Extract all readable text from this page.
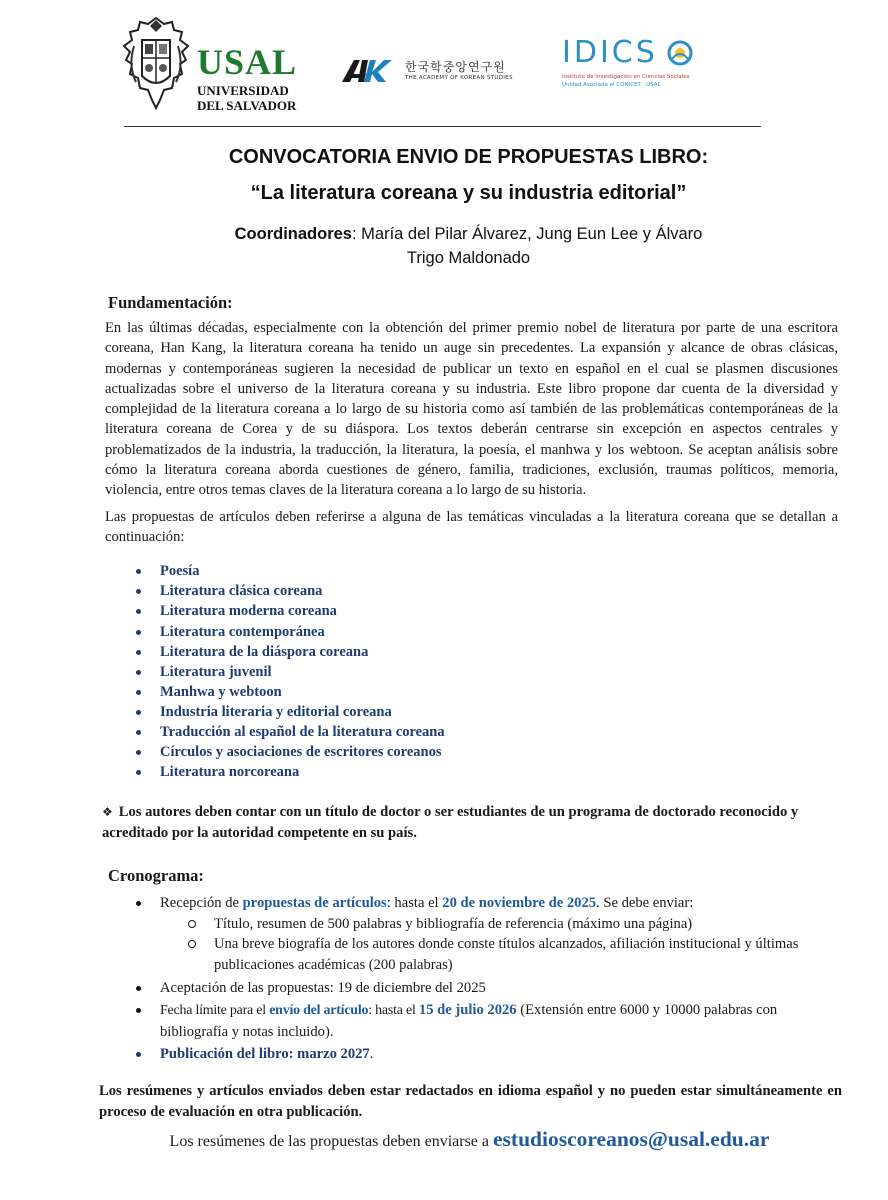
USAL
UNIVERSIDAD
DEL SALVADOR
한국학중앙연구원
THE ACADEMY OF KOREAN STUDIES
IDICS
Instituto de Investigación en Ciencias Sociales
Unidad Asociada al CONICET · USAL
CONVOCATORIA ENVIO DE PROPUESTAS LIBRO:
“La literatura coreana y su industria editorial”
Coordinadores: María del Pilar Álvarez, Jung Eun Lee y Álvaro
Trigo Maldonado
Fundamentación:

En las últimas décadas, especialmente con la obtención del primer premio nobel de literatura por parte de una escritora coreana, Han Kang, la literatura coreana ha tenido un auge sin precedentes. La expansión y alcance de obras clásicas, modernas y contemporáneas sugieren la necesidad de publicar un texto en español en el cual se plasmen discusiones actualizadas sobre el universo de la literatura coreana y su industria. Este libro propone dar cuenta de la diversidad y complejidad de la literatura coreana a lo largo de su historia como así también de las problemáticas contemporáneas de la literatura coreana de Corea y de su diáspora. Los textos deberán centrarse sin excepción en aspectos centrales y problematizados de la industria, la traducción, la literatura, la poesía, el manhwa y los webtoon. Se aceptan análisis sobre cómo la literatura coreana aborda cuestiones de género, familia, tradiciones, exclusión, traumas políticos, memoria, violencia, entre otros temas claves de la literatura coreana a lo largo de su historia.

Las propuestas de artículos deben referirse a alguna de las temáticas vinculadas a la literatura coreana que se detallan a continuación:

Poesía
Literatura clásica coreana
Literatura moderna coreana
Literatura contemporánea
Literatura de la diáspora coreana
Literatura juvenil
Manhwa y webtoon
Industria literaria y editorial coreana
Traducción al español de la literatura coreana
Círculos y asociaciones de escritores coreanos
Literatura norcoreana
❖ Los autores deben contar con un título de doctor o ser estudiantes de un programa de doctorado reconocido y acreditado por la autoridad competente en su país.
Cronograma:
Recepción de propuestas de artículos: hasta el 20 de noviembre de 2025. Se debe enviar:
Título, resumen de 500 palabras y bibliografía de referencia (máximo una página)
Una breve biografía de los autores donde conste títulos alcanzados, afiliación institucional y últimas publicaciones académicas (200 palabras)
Aceptación de las propuestas: 19 de diciembre del 2025
Fecha límite para el envío del artículo: hasta el 15 de julio 2026 (Extensión entre 6000 y 10000 palabras con bibliografía y notas incluido).
Publicación del libro: marzo 2027.
Los resúmenes y artículos enviados deben estar redactados en idioma español y no pueden estar simultáneamente en proceso de evaluación en otra publicación.
Los resúmenes de las propuestas deben enviarse a estudioscoreanos@usal.edu.ar
